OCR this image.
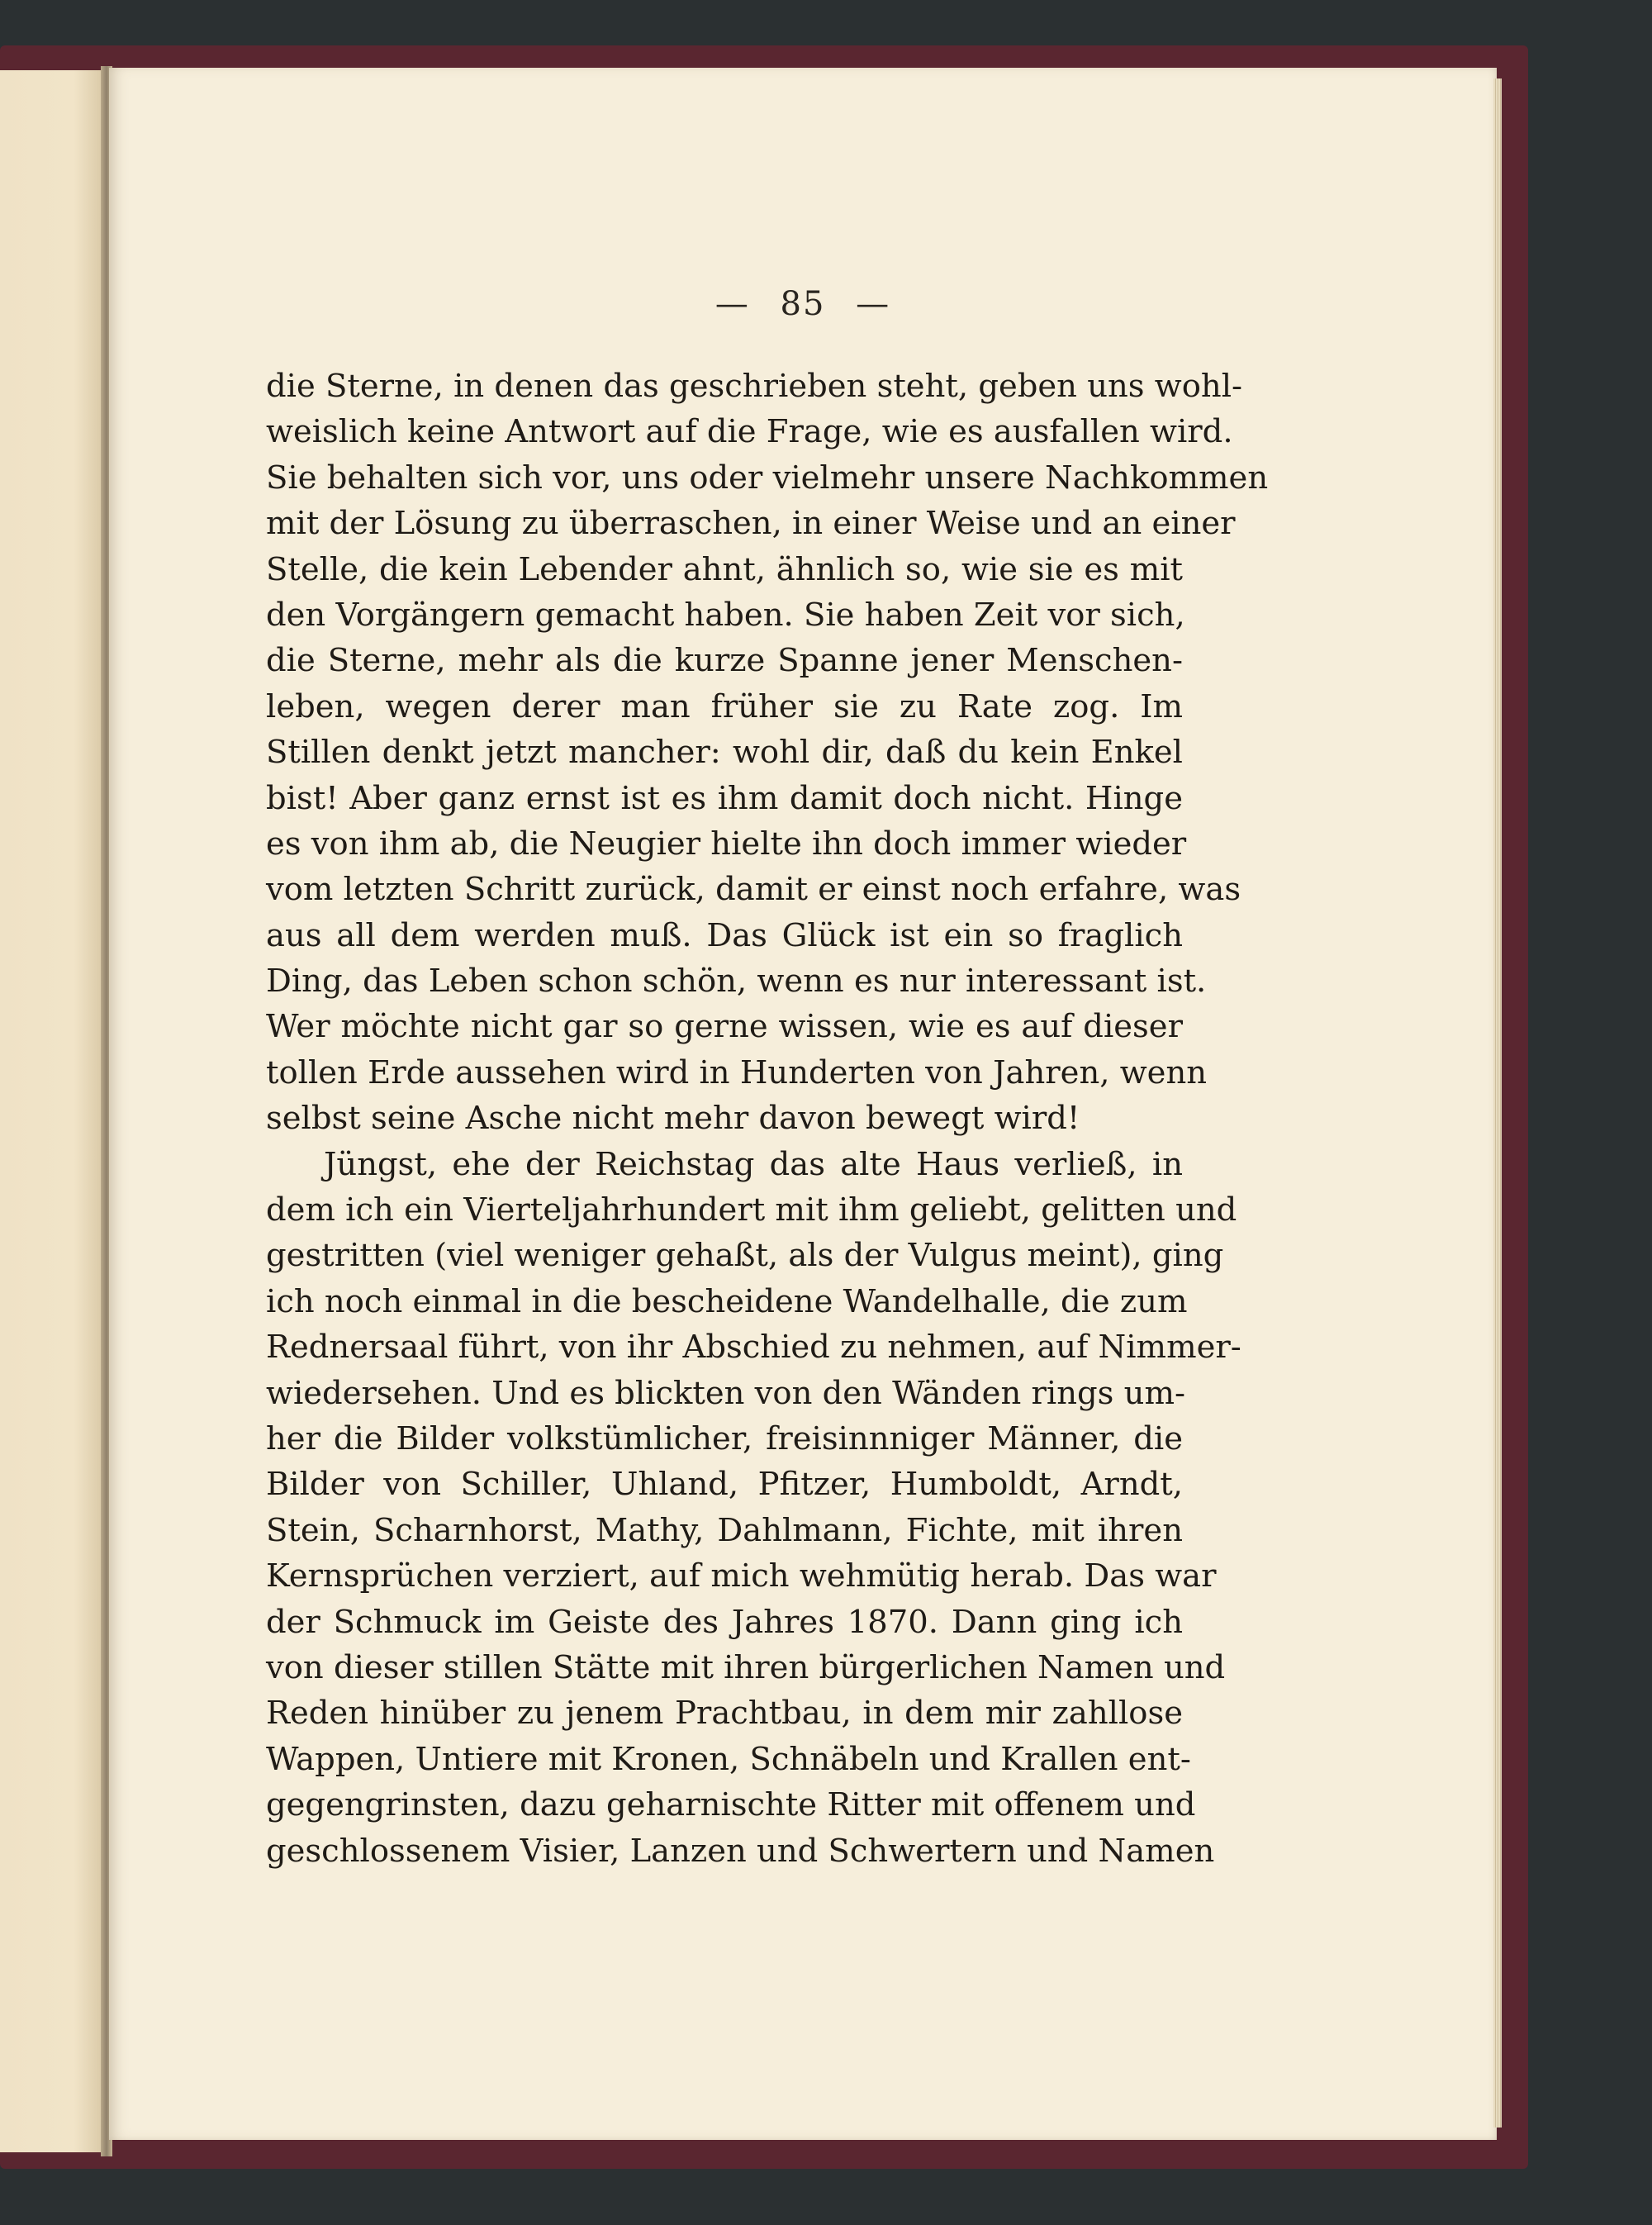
— 85 —
die Sterne, in denen das geschrieben steht, geben uns wohl-
weislich keine Antwort auf die Frage, wie es ausfallen wird.
Sie behalten sich vor, uns oder vielmehr unsere Nachkommen
mit der Lösung zu überraschen, in einer Weise und an einer
Stelle, die kein Lebender ahnt, ähnlich so, wie sie es mit
den Vorgängern gemacht haben. Sie haben Zeit vor sich,
die Sterne, mehr als die kurze Spanne jener Menschen-
leben, wegen derer man früher sie zu Rate zog. Im
Stillen denkt jetzt mancher: wohl dir, daß du kein Enkel
bist! Aber ganz ernst ist es ihm damit doch nicht. Hinge
es von ihm ab, die Neugier hielte ihn doch immer wieder
vom letzten Schritt zurück, damit er einst noch erfahre, was
aus all dem werden muß. Das Glück ist ein so fraglich
Ding, das Leben schon schön, wenn es nur interessant ist.
Wer möchte nicht gar so gerne wissen, wie es auf dieser
tollen Erde aussehen wird in Hunderten von Jahren, wenn
selbst seine Asche nicht mehr davon bewegt wird!
Jüngst, ehe der Reichstag das alte Haus verließ, in
dem ich ein Vierteljahrhundert mit ihm geliebt, gelitten und
gestritten (viel weniger gehaßt, als der Vulgus meint), ging
ich noch einmal in die bescheidene Wandelhalle, die zum
Rednersaal führt, von ihr Abschied zu nehmen, auf Nimmer-
wiedersehen. Und es blickten von den Wänden rings um-
her die Bilder volkstümlicher, freisinnniger Männer, die
Bilder von Schiller, Uhland, Pfitzer, Humboldt, Arndt,
Stein, Scharnhorst, Mathy, Dahlmann, Fichte, mit ihren
Kernsprüchen verziert, auf mich wehmütig herab. Das war
der Schmuck im Geiste des Jahres 1870. Dann ging ich
von dieser stillen Stätte mit ihren bürgerlichen Namen und
Reden hinüber zu jenem Prachtbau, in dem mir zahllose
Wappen, Untiere mit Kronen, Schnäbeln und Krallen ent-
gegengrinsten, dazu geharnischte Ritter mit offenem und
geschlossenem Visier, Lanzen und Schwertern und Namen
